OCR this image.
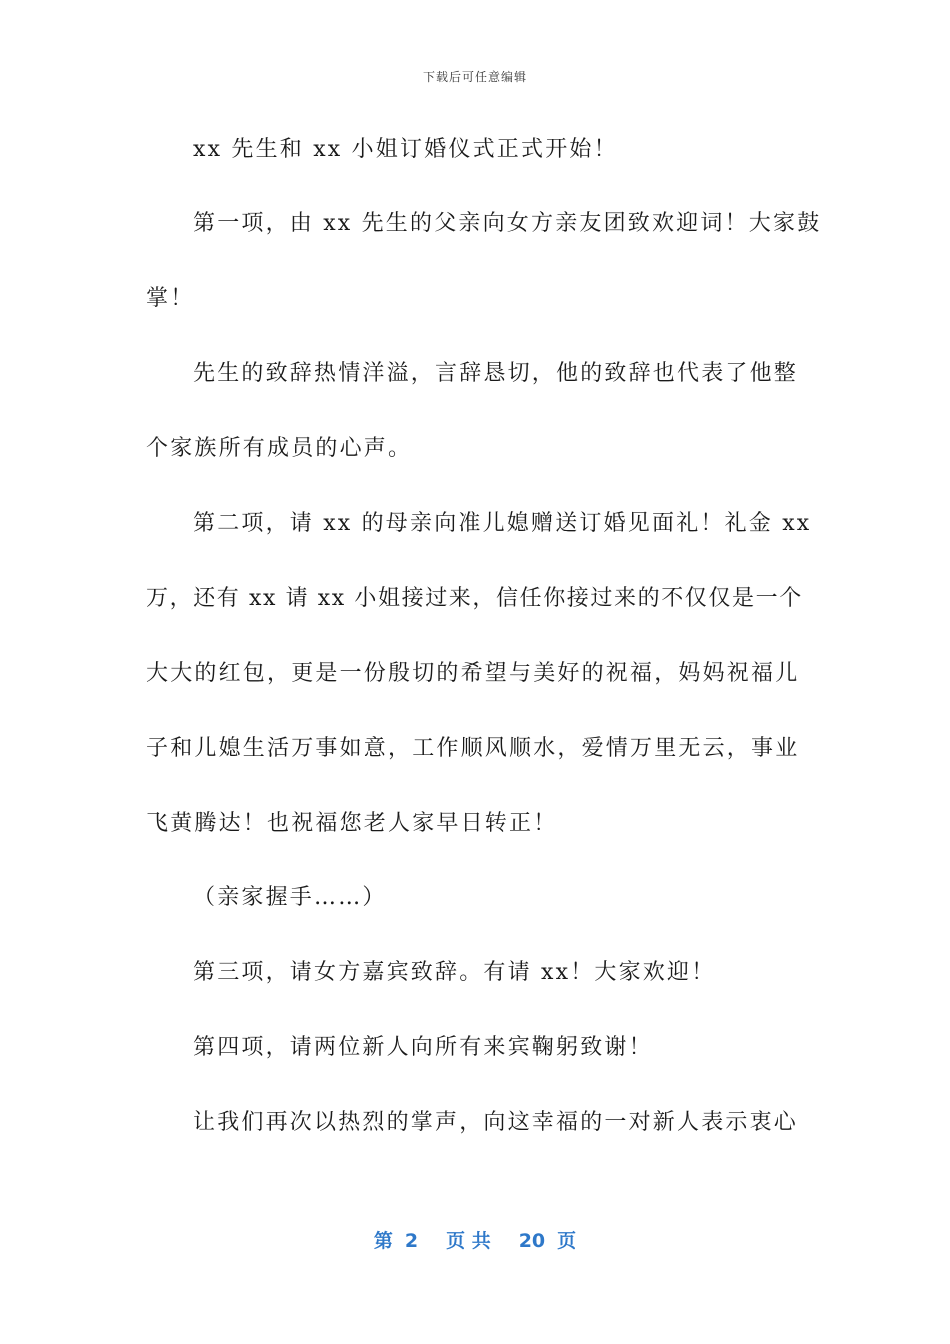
下载后可任意编辑

xx 先生和 xx 小姐订婚仪式正式开始！

第一项，由 xx 先生的父亲向女方亲友团致欢迎词！大家鼓

掌！

先生的致辞热情洋溢，言辞恳切，他的致辞也代表了他整

个家族所有成员的心声。

第二项，请 xx 的母亲向准儿媳赠送订婚见面礼！礼金 xx

万，还有 xx 请 xx 小姐接过来，信任你接过来的不仅仅是一个

大大的红包，更是一份殷切的希望与美好的祝福，妈妈祝福儿

子和儿媳生活万事如意，工作顺风顺水，爱情万里无云，事业

飞黄腾达！也祝福您老人家早日转正！

（亲家握手……）

第三项，请女方嘉宾致辞。有请 xx！大家欢迎！

第四项，请两位新人向所有来宾鞠躬致谢！

让我们再次以热烈的掌声，向这幸福的一对新人表示衷心

第 2 页 共 20 页
